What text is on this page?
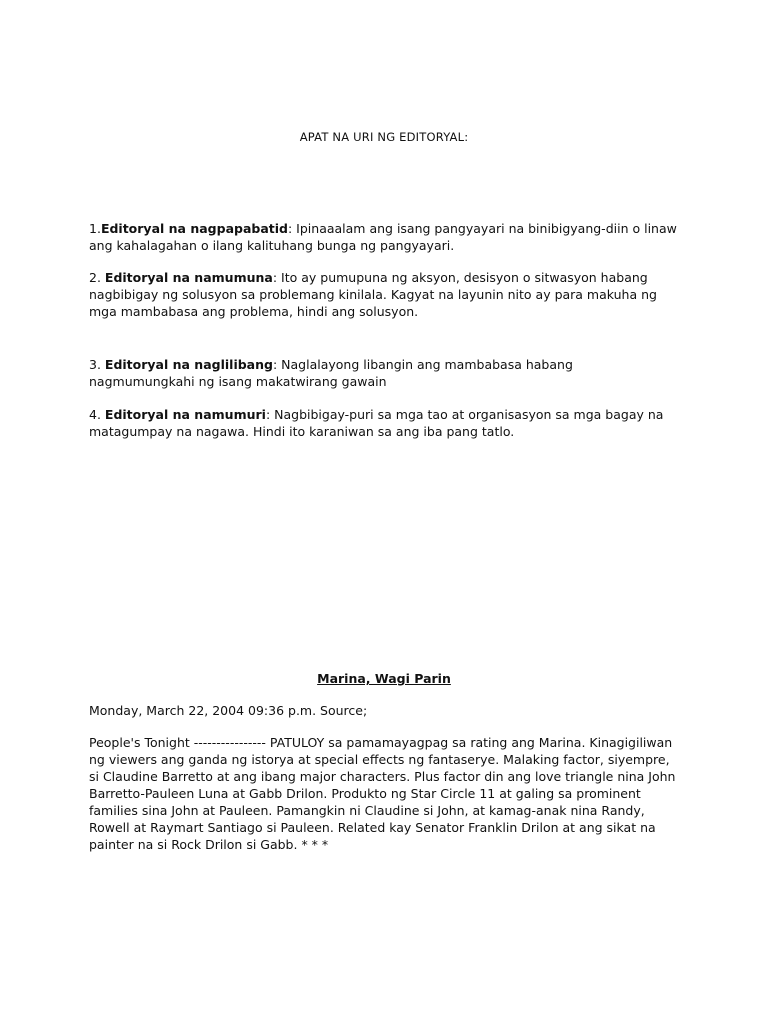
APAT NA URI NG EDITORYAL:
1.Editoryal na nagpapabatid: Ipinaaalam ang isang pangyayari na binibigyang-diin o linaw ang kahalagahan o ilang kalituhang bunga ng pangyayari.
2. Editoryal na namumuna: Ito ay pumupuna ng aksyon, desisyon o sitwasyon habang nagbibigay ng solusyon sa problemang kinilala. Kagyat na layunin nito ay para makuha ng mga mambabasa ang problema, hindi ang solusyon.
3. Editoryal na naglilibang: Naglalayong libangin ang mambabasa habang nagmumungkahi ng isang makatwirang gawain
4. Editoryal na namumuri: Nagbibigay-puri sa mga tao at organisasyon sa mga bagay na matagumpay na nagawa. Hindi ito karaniwan sa ang iba pang tatlo.
Marina, Wagi Parin
Monday, March 22, 2004 09:36 p.m. Source;
People's Tonight ---------------- PATULOY sa pamamayagpag sa rating ang Marina. Kinagigiliwan ng viewers ang ganda ng istorya at special effects ng fantaserye. Malaking factor, siyempre, si Claudine Barretto at ang ibang major characters. Plus factor din ang love triangle nina John Barretto-Pauleen Luna at Gabb Drilon. Produkto ng Star Circle 11 at galing sa prominent families sina John at Pauleen. Pamangkin ni Claudine si John, at kamag-anak nina Randy, Rowell at Raymart Santiago si Pauleen. Related kay Senator Franklin Drilon at ang sikat na painter na si Rock Drilon si Gabb. * * *
